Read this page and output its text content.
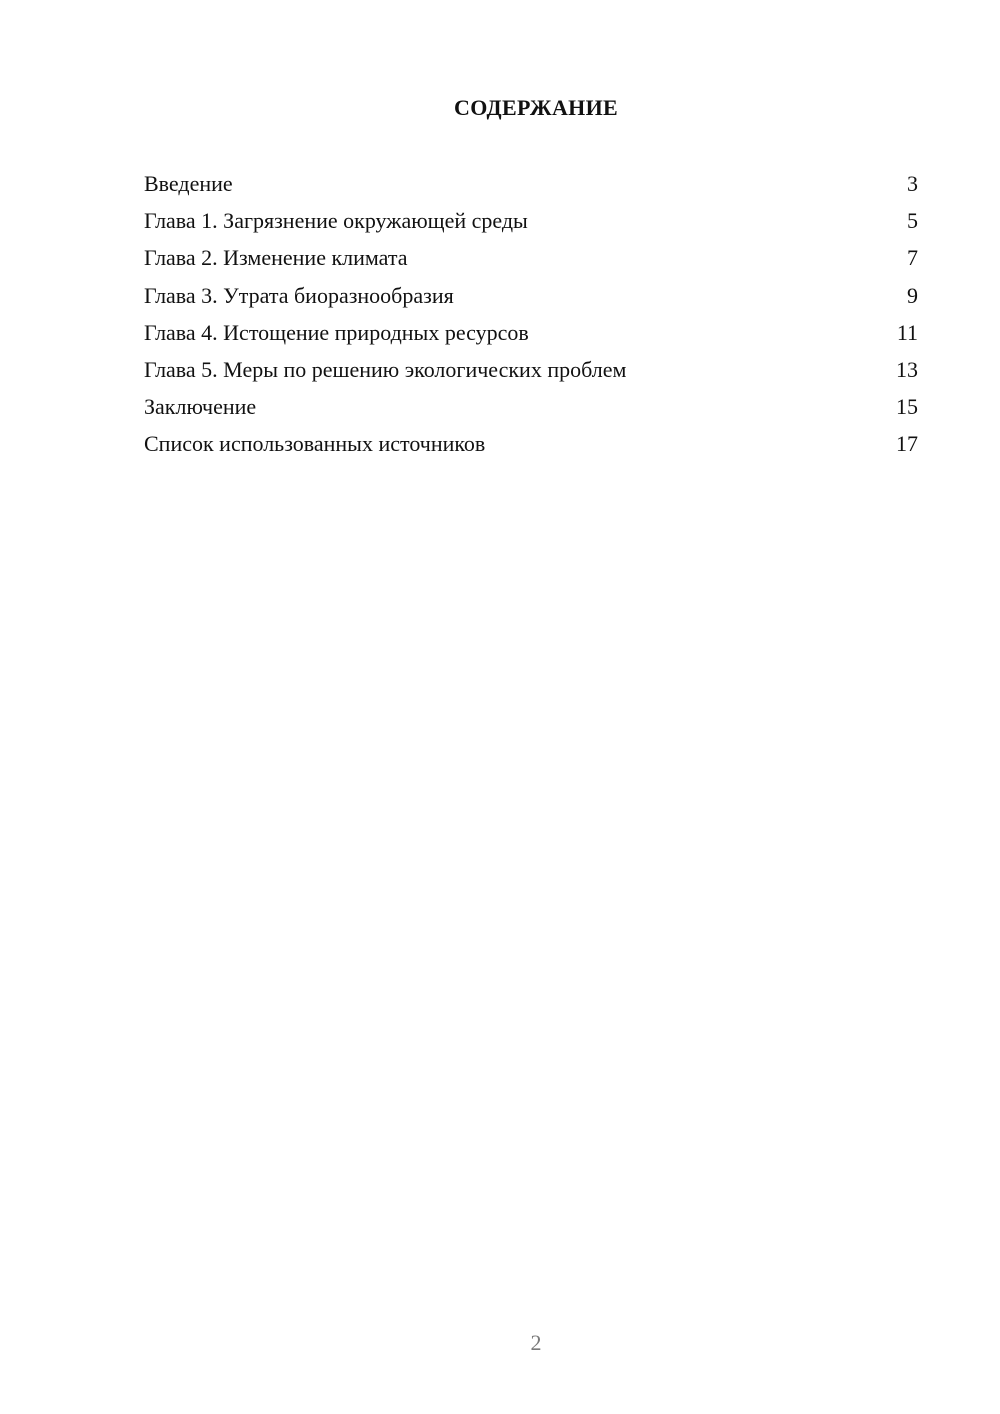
СОДЕРЖАНИЕ
Введение	3
Глава 1. Загрязнение окружающей среды	5
Глава 2. Изменение климата	7
Глава 3. Утрата биоразнообразия	9
Глава 4. Истощение природных ресурсов	11
Глава 5. Меры по решению экологических проблем	13
Заключение	15
Список использованных источников	17
2
